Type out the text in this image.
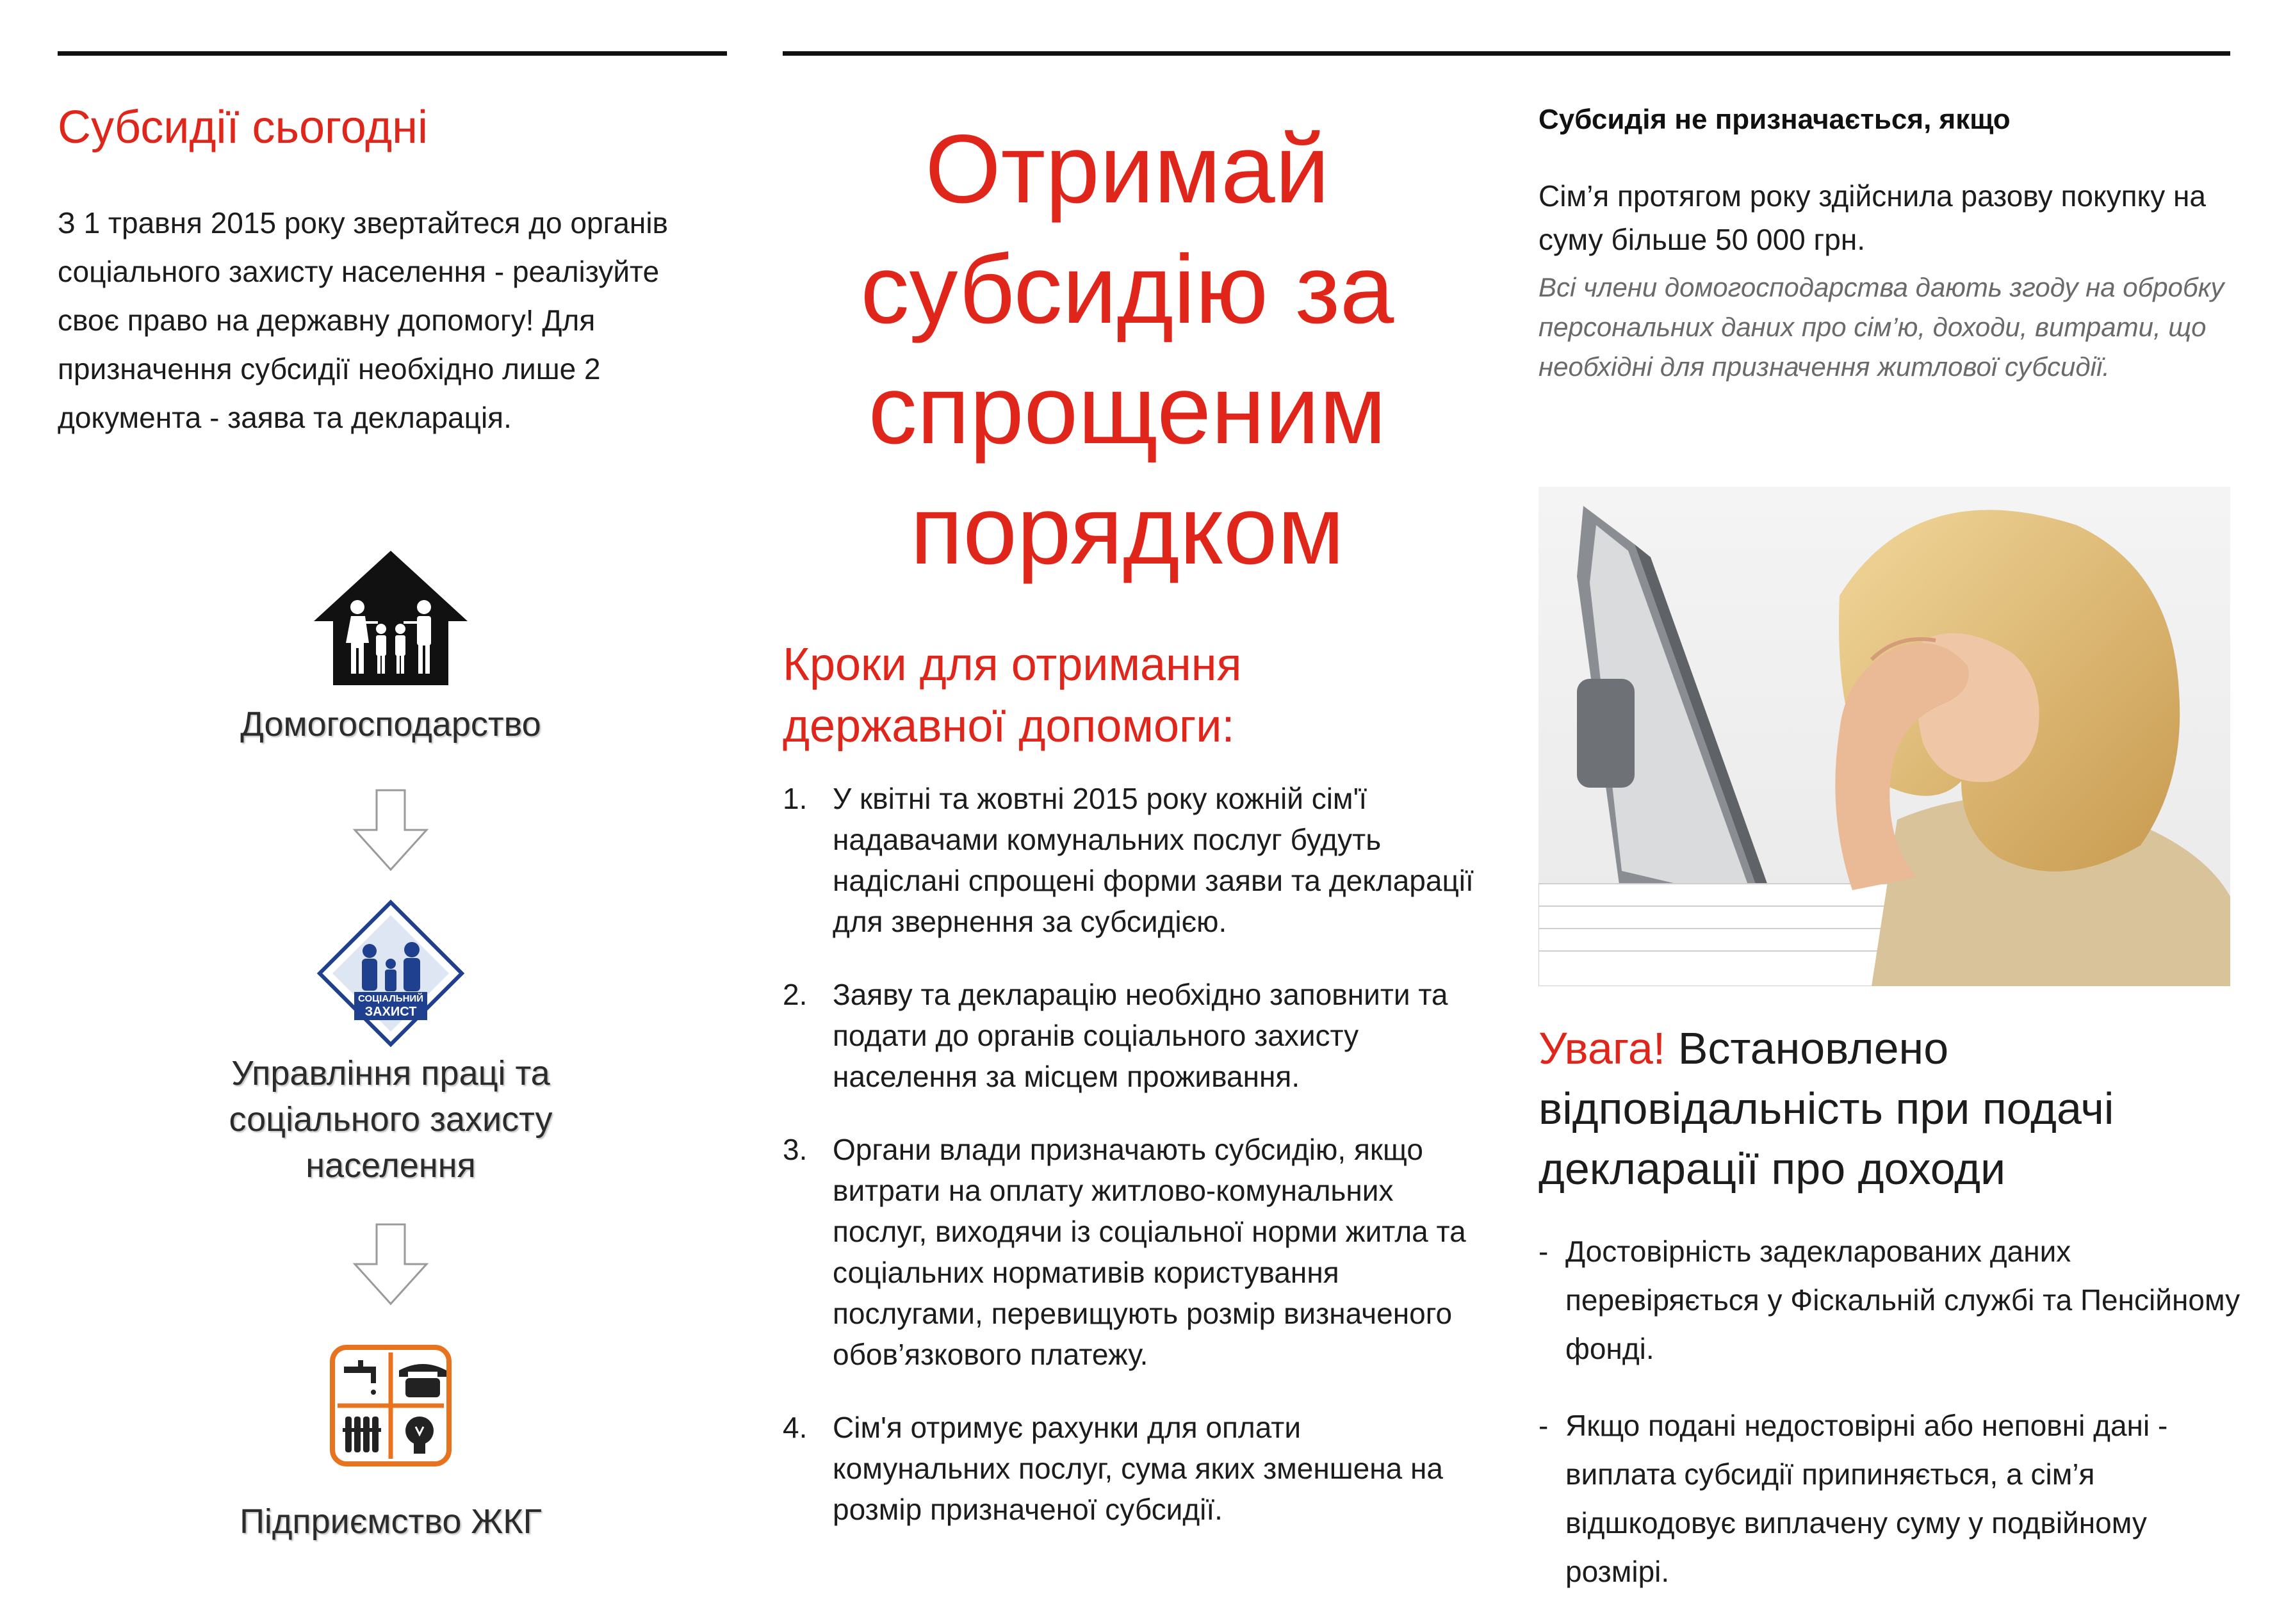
Субсидії сьогодні
З 1 травня 2015 року звертайтеся до органів соціального захисту населення - реалізуйте своє право на державну допомогу! Для призначення субсидії необхідно лише 2 документа - заява та декларація.
Домогосподарство
СОЦІАЛЬНИЙ
ЗАХИСТ
Управління праці та соціального захисту населення
Підприємство ЖКГ
Отримай субсидію за спрощеним порядком
Кроки для отримання державної допомоги:
1. У квітні та жовтні 2015 року кожній сім'ї надавачами комунальних послуг будуть надіслані спрощені форми заяви та декларації для звернення за субсидією.
2. Заяву та декларацію необхідно заповнити та подати до органів соціального захисту населення за місцем проживання.
3. Органи влади призначають субсидію, якщо витрати на оплату житлово-комунальних послуг, виходячи із соціальної норми житла та соціальних нормативів користування послугами, перевищують розмір визначеного обов’язкового платежу.
4. Сім'я отримує рахунки для оплати комунальних послуг, сума яких зменшена на розмір призначеної субсидії.
Субсидія не призначається, якщо
Сім’я протягом року здійснила разову покупку на суму більше 50 000 грн.
Всі члени домогосподарства дають згоду на обробку персональних даних про сім’ю, доходи, витрати, що необхідні для призначення житлової субсидії.
Увага! Встановлено відповідальність при подачі декларації про доходи
- Достовірність задекларованих даних перевіряється у Фіскальній службі та Пенсійному фонді.
- Якщо подані недостовірні або неповні дані - виплата субсидії припиняється, а сім’я відшкодовує виплачену суму у подвійному розмірі.
